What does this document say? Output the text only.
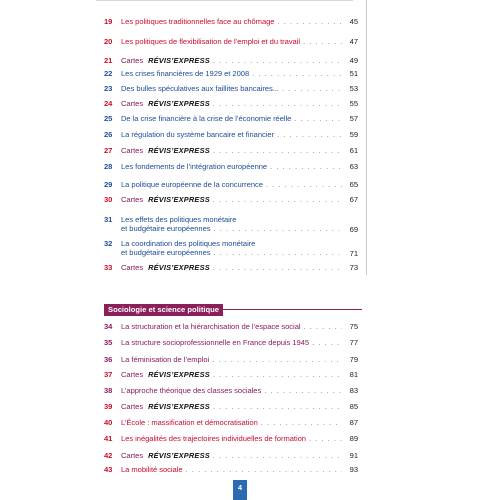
19	Les politiques traditionnelles face au chômage . . .	45
20	Les politiques de flexibilisation de l’emploi et du travail . . .	47
21	Cartes RÉVIS’EXPRESS . . .	49
22	Les crises financières de 1929 et 2008 . . .	51
23	Des bulles spéculatives aux faillites bancaires... . . .	53
24	Cartes RÉVIS’EXPRESS . . .	55
25	De la crise financière à la crise de l’économie réelle . . .	57
26	La régulation du système bancaire et financier . . .	59
27	Cartes RÉVIS’EXPRESS . . .	61
28	Les fondements de l’intégration européenne . . .	63
29	La politique européenne de la concurrence . . .	65
30	Cartes RÉVIS’EXPRESS . . .	67
31	Les effets des politiques monétaire
et budgétaire européennes . . .	69
32	La coordination des politiques monétaire
et budgétaire européennes . . .	71
33	Cartes RÉVIS’EXPRESS . . .	73
Sociologie et science politique
34	La structuration et la hiérarchisation de l’espace social . . .	75
35	La structure socioprofessionnelle en France depuis 1945 . . .	77
36	La féminisation de l’emploi . . .	79
37	Cartes RÉVIS’EXPRESS . . .	81
38	L’approche théorique des classes sociales . . .	83
39	Cartes RÉVIS’EXPRESS . . .	85
40	L’École : massification et démocratisation . . .	87
41	Les inégalités des trajectoires individuelles de formation . . .	89
42	Cartes RÉVIS’EXPRESS . . .	91
43	La mobilité sociale . . .	93
4
